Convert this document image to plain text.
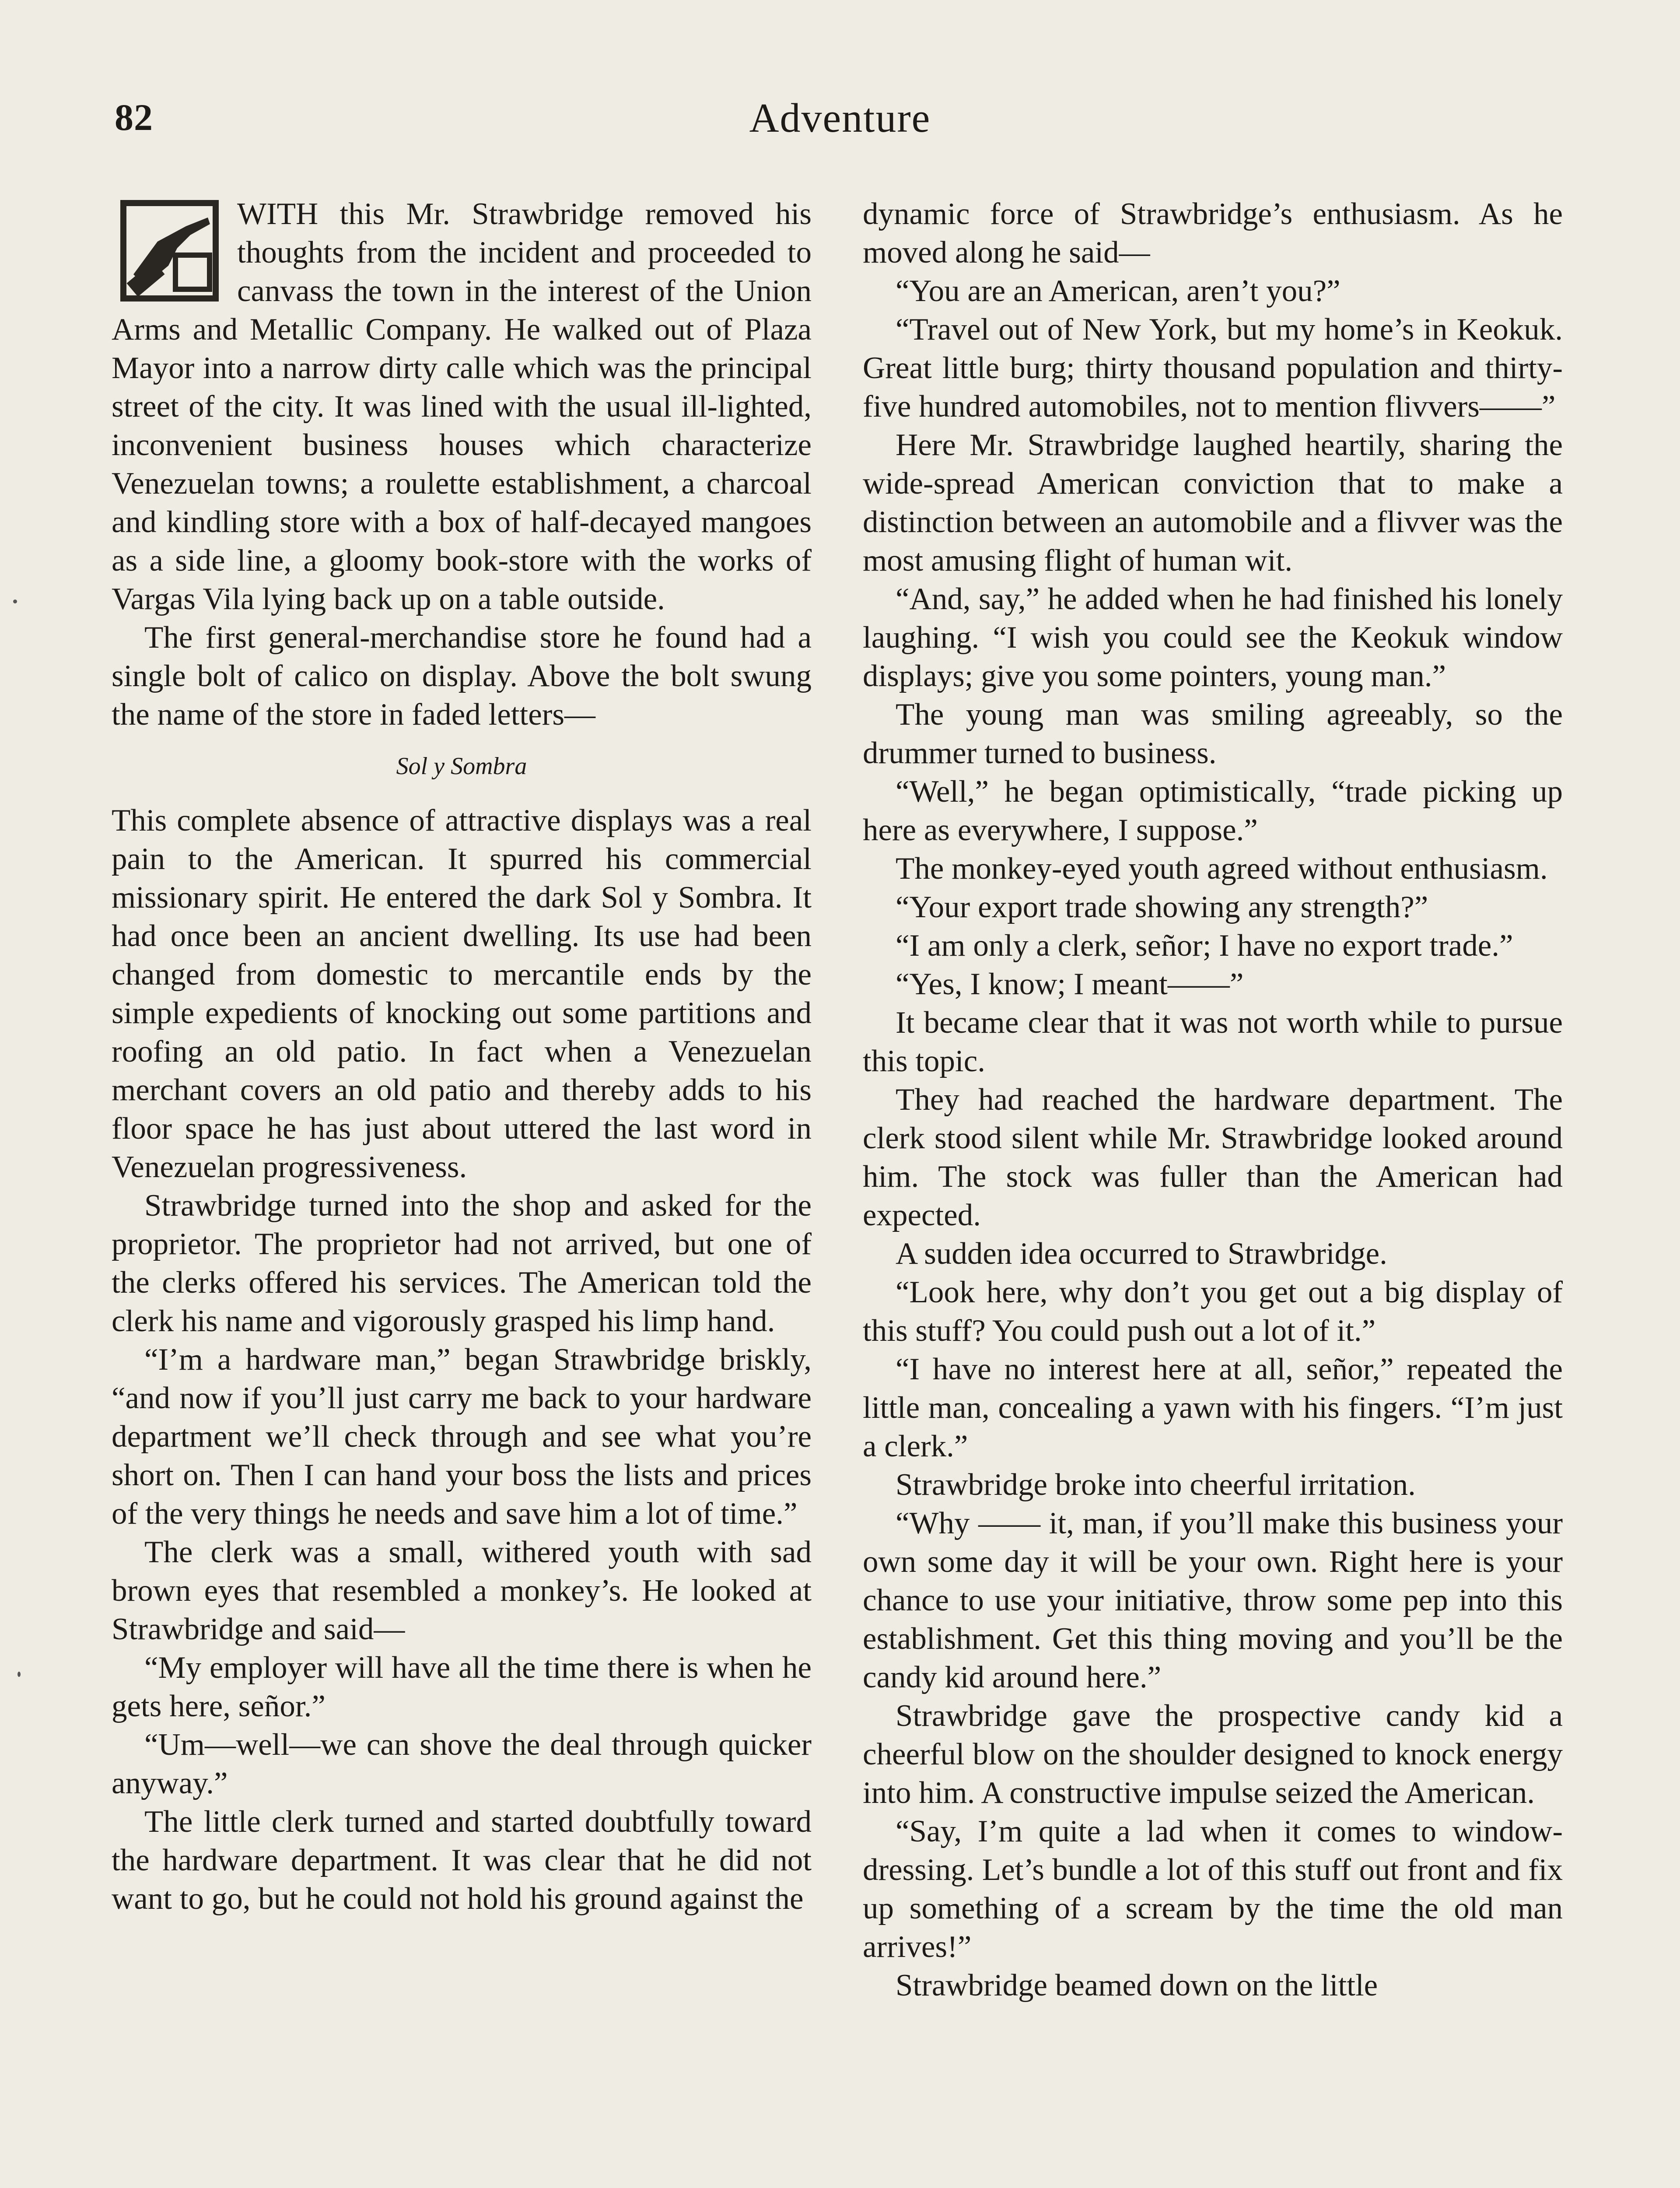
82	Adventure

WITH this Mr. Strawbridge removed his thoughts from the incident and proceeded to canvass the town in the interest of the Union Arms and Metallic Company. He walked out of Plaza Mayor into a narrow dirty calle which was the principal street of the city. It was lined with the usual ill-lighted, inconvenient business houses which characterize Venezuelan towns; a roulette establishment, a charcoal and kindling store with a box of half-decayed mangoes as a side line, a gloomy book-store with the works of Vargas Vila lying back up on a table outside.

The first general-merchandise store he found had a single bolt of calico on display. Above the bolt swung the name of the store in faded letters—

Sol y Sombra

This complete absence of attractive displays was a real pain to the American. It spurred his commercial missionary spirit. He entered the dark Sol y Sombra. It had once been an ancient dwelling. Its use had been changed from domestic to mercantile ends by the simple expedients of knocking out some partitions and roofing an old patio. In fact when a Venezuelan merchant covers an old patio and thereby adds to his floor space he has just about uttered the last word in Venezuelan progressiveness.

Strawbridge turned into the shop and asked for the proprietor. The proprietor had not arrived, but one of the clerks offered his services. The American told the clerk his name and vigorously grasped his limp hand.

“I’m a hardware man,” began Strawbridge briskly, “and now if you’ll just carry me back to your hardware department we’ll check through and see what you’re short on. Then I can hand your boss the lists and prices of the very things he needs and save him a lot of time.”

The clerk was a small, withered youth with sad brown eyes that resembled a monkey’s. He looked at Strawbridge and said—

“My employer will have all the time there is when he gets here, señor.”

“Um—well—we can shove the deal through quicker anyway.”

The little clerk turned and started doubtfully toward the hardware department. It was clear that he did not want to go, but he could not hold his ground against the

dynamic force of Strawbridge’s enthusiasm. As he moved along he said—

“You are an American, aren’t you?”

“Travel out of New York, but my home’s in Keokuk. Great little burg; thirty thousand population and thirty-five hundred automobiles, not to mention flivvers——”

Here Mr. Strawbridge laughed heartily, sharing the wide-spread American conviction that to make a distinction between an automobile and a flivver was the most amusing flight of human wit.

“And, say,” he added when he had finished his lonely laughing. “I wish you could see the Keokuk window displays; give you some pointers, young man.”

The young man was smiling agreeably, so the drummer turned to business.

“Well,” he began optimistically, “trade picking up here as everywhere, I suppose.”

The monkey-eyed youth agreed without enthusiasm.

“Your export trade showing any strength?”

“I am only a clerk, señor; I have no export trade.”

“Yes, I know; I meant——”

It became clear that it was not worth while to pursue this topic.

They had reached the hardware department. The clerk stood silent while Mr. Strawbridge looked around him. The stock was fuller than the American had expected.

A sudden idea occurred to Strawbridge.

“Look here, why don’t you get out a big display of this stuff? You could push out a lot of it.”

“I have no interest here at all, señor,” repeated the little man, concealing a yawn with his fingers. “I’m just a clerk.”

Strawbridge broke into cheerful irritation.

“Why —— it, man, if you’ll make this business your own some day it will be your own. Right here is your chance to use your initiative, throw some pep into this establishment. Get this thing moving and you’ll be the candy kid around here.”

Strawbridge gave the prospective candy kid a cheerful blow on the shoulder designed to knock energy into him. A constructive impulse seized the American.

“Say, I’m quite a lad when it comes to window-dressing. Let’s bundle a lot of this stuff out front and fix up something of a scream by the time the old man arrives!”

Strawbridge beamed down on the little
